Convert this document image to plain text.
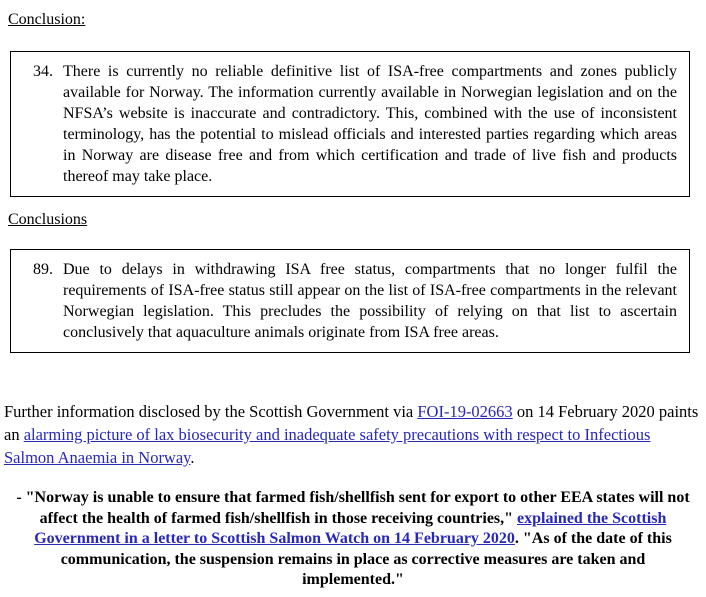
Conclusion:
34. There is currently no reliable definitive list of ISA-free compartments and zones publicly available for Norway. The information currently available in Norwegian legislation and on the NFSA’s website is inaccurate and contradictory. This, combined with the use of inconsistent terminology, has the potential to mislead officials and interested parties regarding which areas in Norway are disease free and from which certification and trade of live fish and products thereof may take place.
Conclusions
89. Due to delays in withdrawing ISA free status, compartments that no longer fulfil the requirements of ISA-free status still appear on the list of ISA-free compartments in the relevant Norwegian legislation. This precludes the possibility of relying on that list to ascertain conclusively that aquaculture animals originate from ISA free areas.

Further information disclosed by the Scottish Government via FOI-19-02663 on 14 February 2020 paints an alarming picture of lax biosecurity and inadequate safety precautions with respect to Infectious Salmon Anaemia in Norway.

- "Norway is unable to ensure that farmed fish/shellfish sent for export to other EEA states will not affect the health of farmed fish/shellfish in those receiving countries," explained the Scottish Government in a letter to Scottish Salmon Watch on 14 February 2020. "As of the date of this communication, the suspension remains in place as corrective measures are taken and implemented."
